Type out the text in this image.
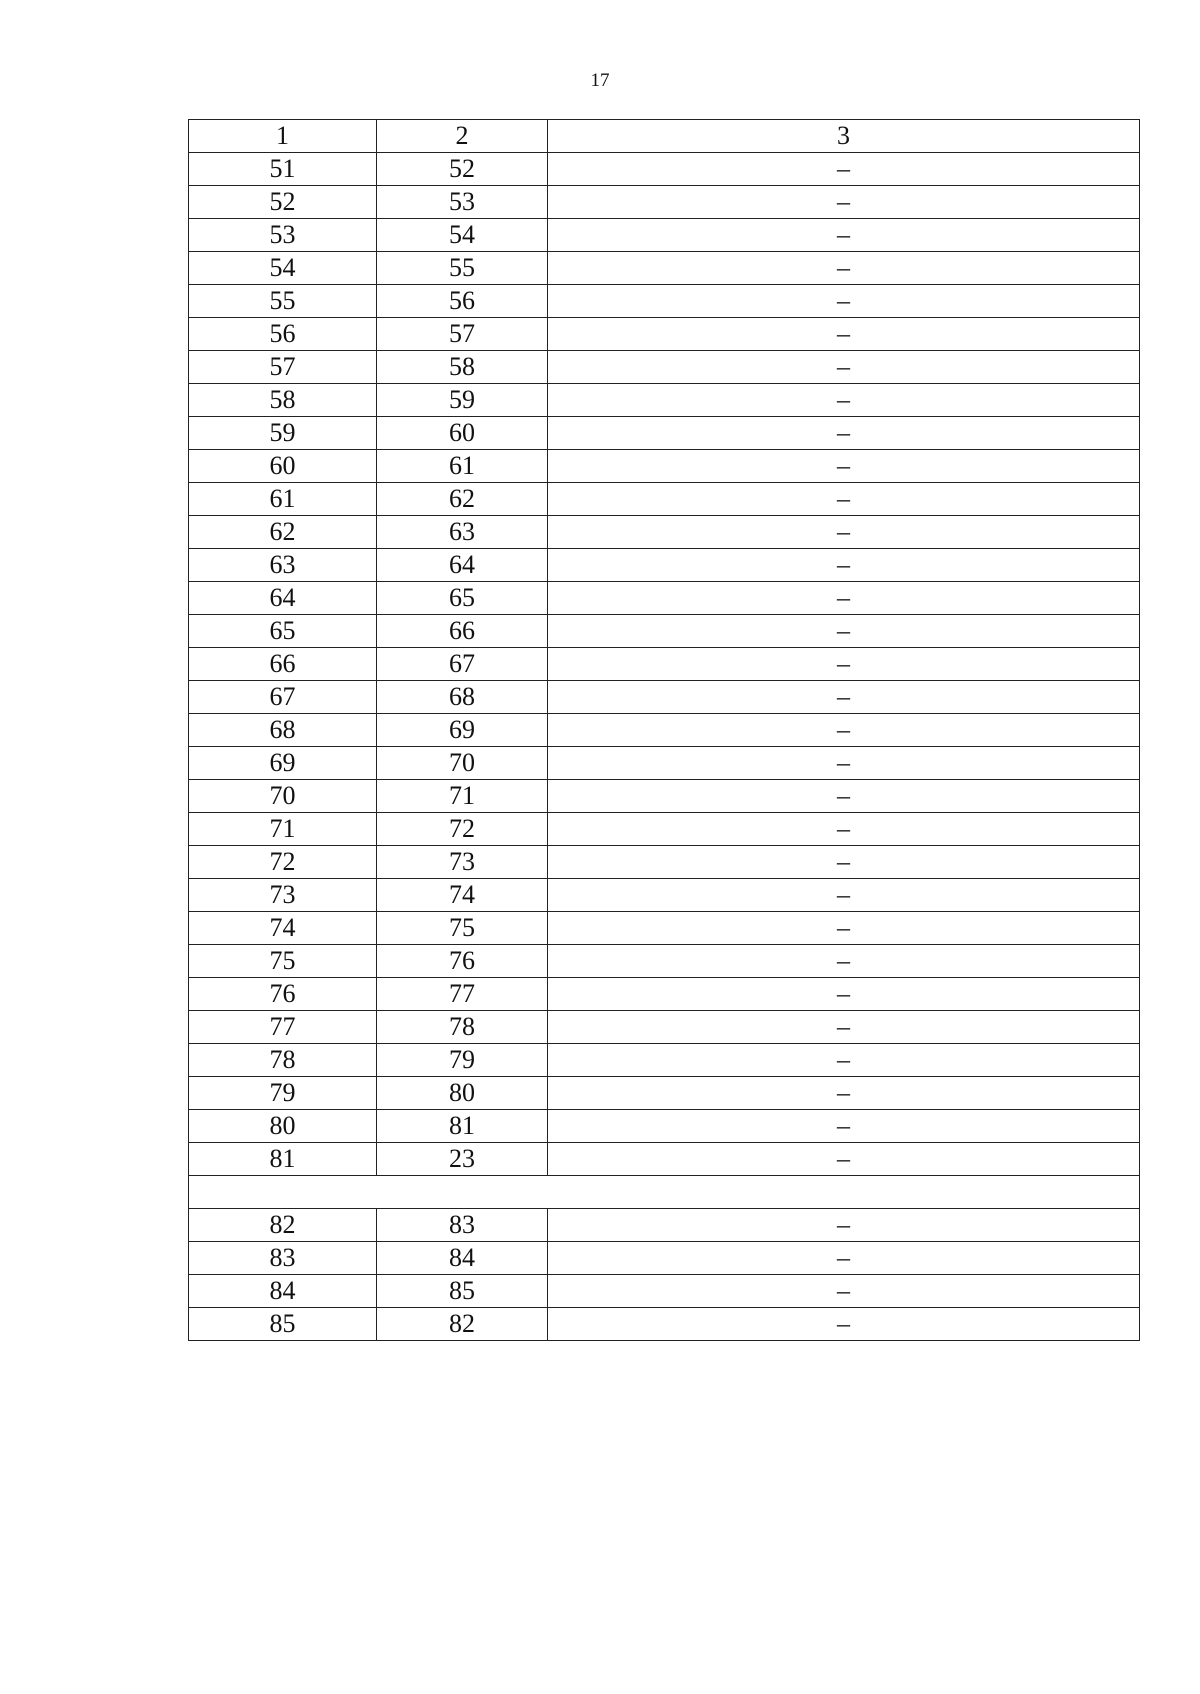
17
1	2	3
51	52	–
52	53	–
53	54	–
54	55	–
55	56	–
56	57	–
57	58	–
58	59	–
59	60	–
60	61	–
61	62	–
62	63	–
63	64	–
64	65	–
65	66	–
66	67	–
67	68	–
68	69	–
69	70	–
70	71	–
71	72	–
72	73	–
73	74	–
74	75	–
75	76	–
76	77	–
77	78	–
78	79	–
79	80	–
80	81	–
81	23	–

82	83	–
83	84	–
84	85	–
85	82	–
